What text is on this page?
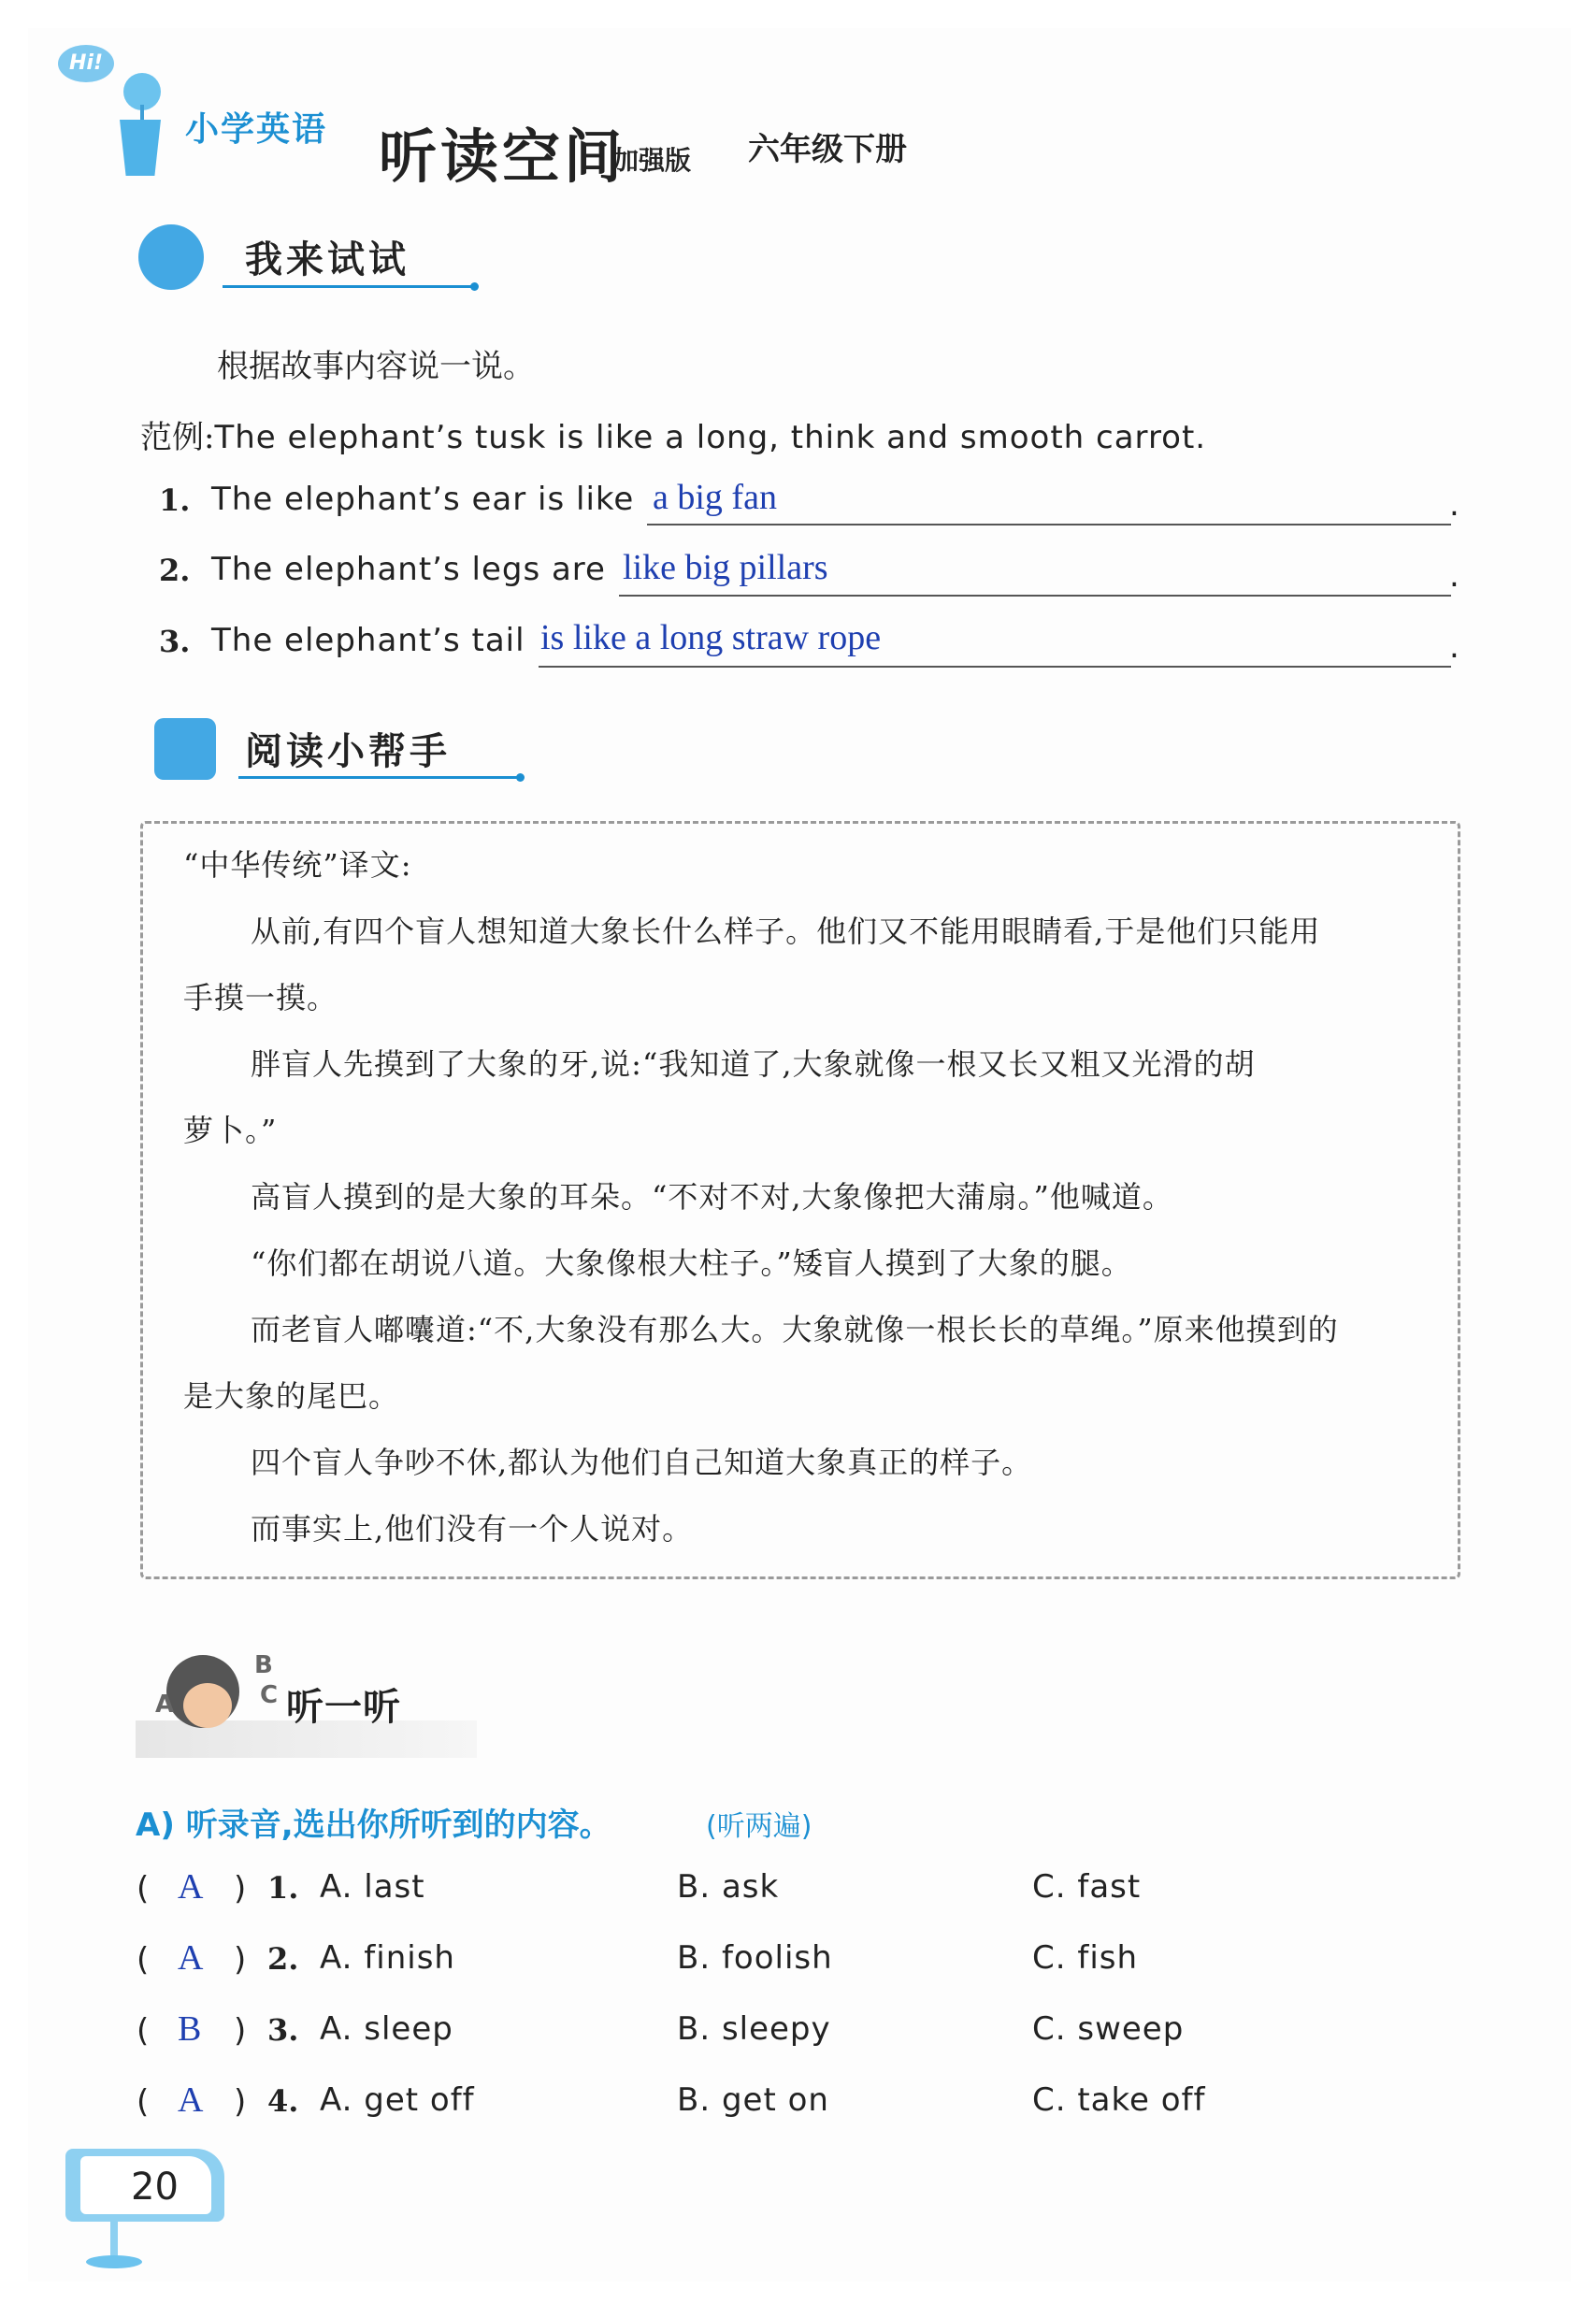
Hi!
小学英语 听读空间
加强版 六年级下册
我来试试
根据故事内容说一说。
范例:The elephant’s tusk is like a long, think and smooth carrot.
1. The elephant’s ear is like a big fan	.
2. The elephant’s legs are like big pillars	.
3. The elephant’s tail is like a long straw rope	.
阅读小帮手
“中华传统”译文:
从前,有四个盲人想知道大象长什么样子。他们又不能用眼睛看,于是他们只能用
手摸一摸。
胖盲人先摸到了大象的牙,说:“我知道了,大象就像一根又长又粗又光滑的胡
萝卜。”
高盲人摸到的是大象的耳朵。“不对不对,大象像把大蒲扇。”他喊道。
“你们都在胡说八道。大象像根大柱子。”矮盲人摸到了大象的腿。
而老盲人嘟囔道:“不,大象没有那么大。大象就像一根长长的草绳。”原来他摸到的
是大象的尾巴。
四个盲人争吵不休,都认为他们自己知道大象真正的样子。
而事实上,他们没有一个人说对。
A
B
C 听一听
A) 听录音,选出你所听到的内容。	(听两遍)
( A ) 1. A. last	B. ask	C. fast
( A ) 2. A. finish	B. foolish	C. fish
( B ) 3. A. sleep	B. sleepy	C. sweep
( A ) 4. A. get off	B. get on	C. take off
20
